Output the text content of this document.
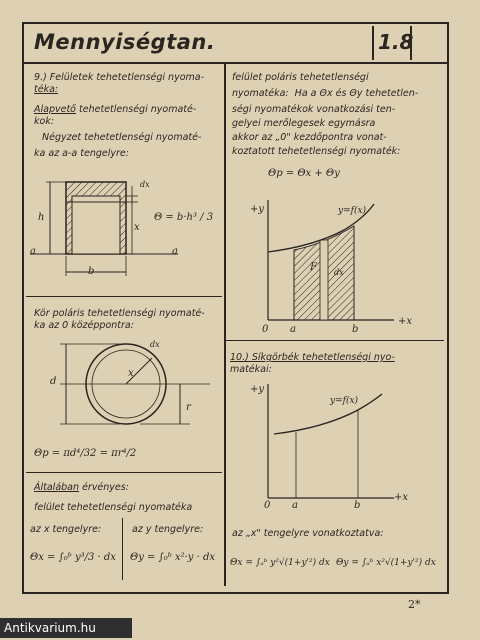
Mennyiségtan.	1.8
9.) Felületek tehetetlenségi nyoma-
téka:
Alapvető tehetetlenségi nyomaté-
kok:
Négyzet tehetetlenségi nyomaté-
ka az a-a tengelyre:
a	a
h
b
x
dx
Θ = b·h³ / 3
Kör poláris tehetetlenségi nyomaté-
ka az 0 középpontra:
d
r
x
dx
Θp = πd⁴/32 = πr⁴/2
Általában érvényes:
felület tehetetlenségi nyomatéka
az x tengelyre:	az y tengelyre:
Θx = ∫₀ᵇ y³/3 · dx Θy = ∫₀ᵇ x²·y · dx
felület poláris tehetetlenségi
nyomatéka: Ha a Θx és Θy tehetetlen-
ségi nyomatékok vonatkozási ten-
gelyei merőlegesek egymásra
akkor az „0" kezdőpontra vonat-
koztatott tehetetlenségi nyomaték:
Θp = Θx + Θy
+y	y=f(x)
F dx
0 a	b
+x
10.) Síkgörbék tehetetlenségi nyo-
matékai:
+y
y=f(x)
0 a	b
+x
az „x" tengelyre vonatkoztatva:
Θx = ∫ₐᵇ y²√(1+y'²) dx Θy = ∫ₐᵇ x²√(1+y'²) dx
2*
Antikvarium.hu
